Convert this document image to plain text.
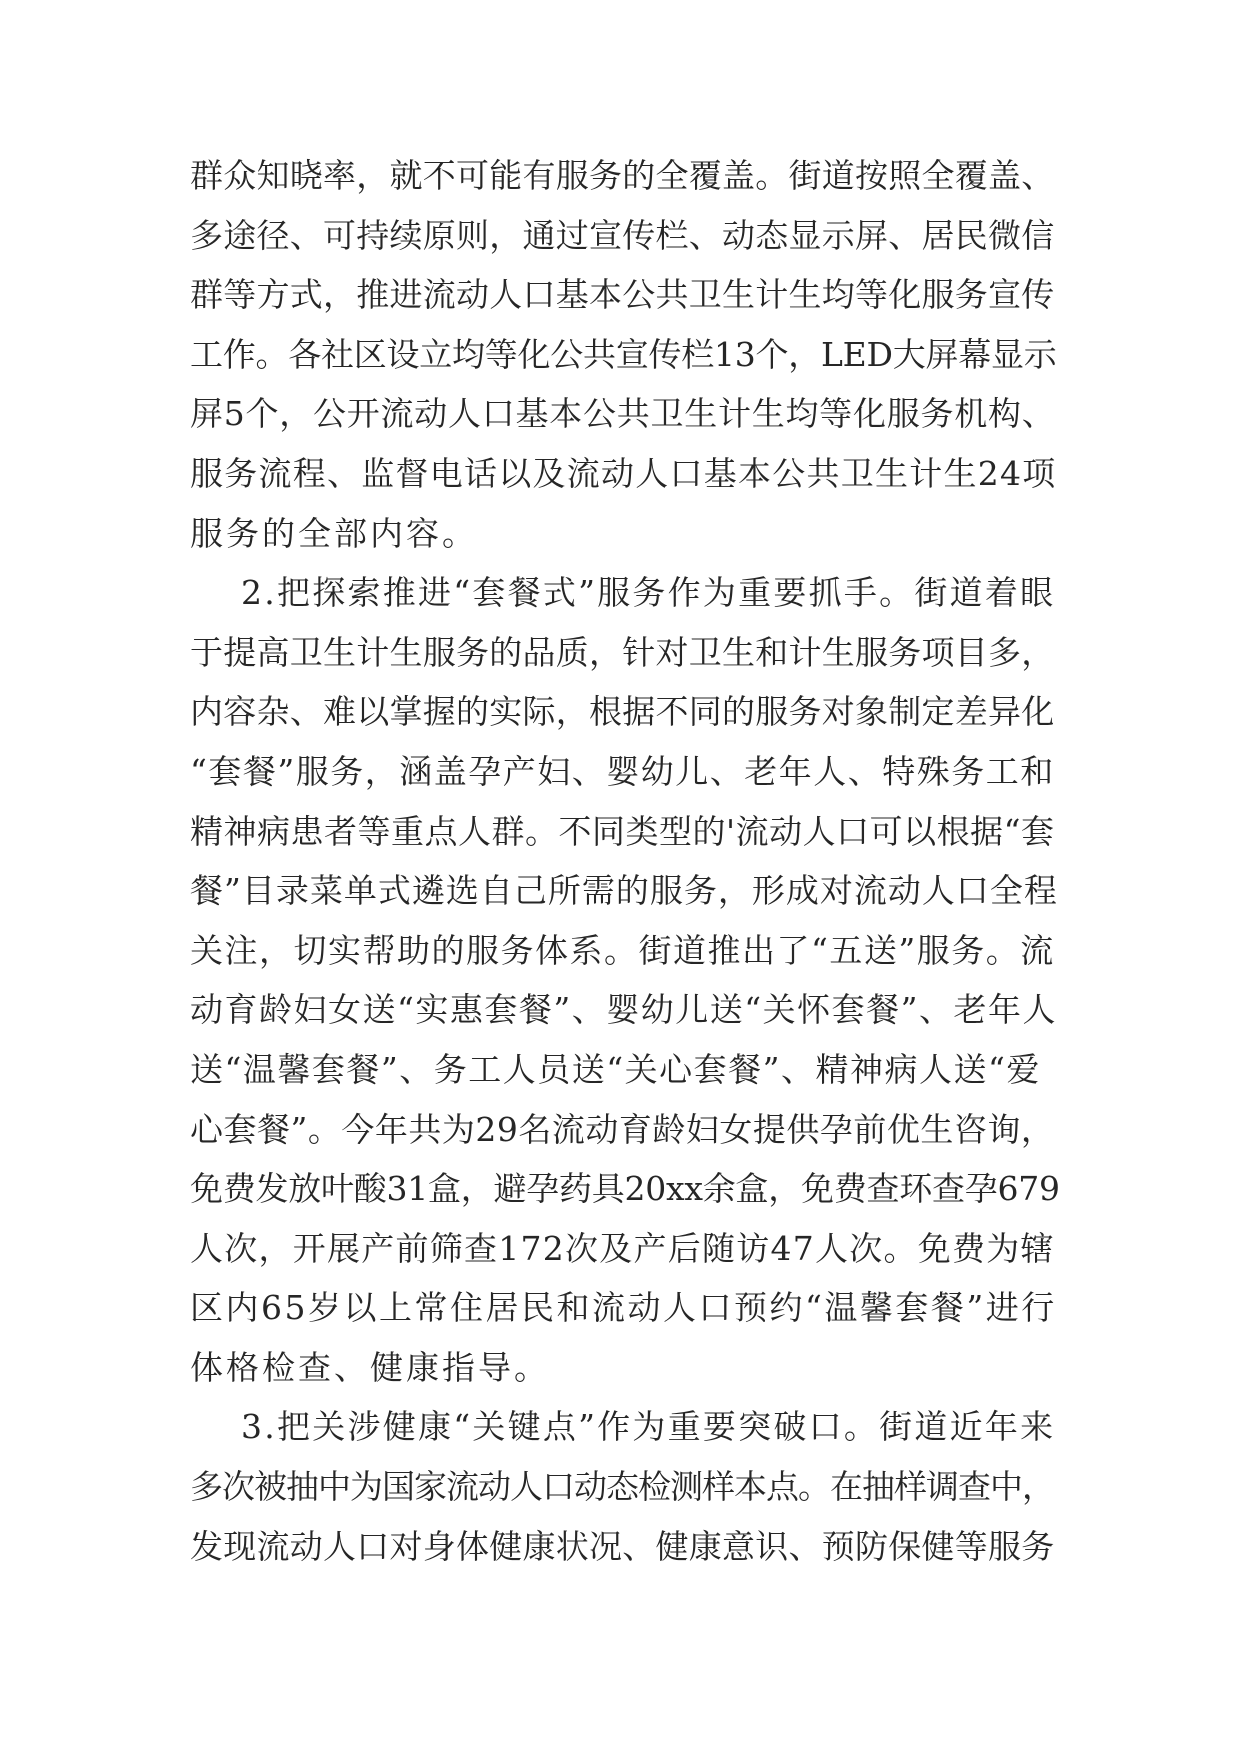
群众知晓率，就不可能有服务的全覆盖。街道按照全覆盖、
多途径、可持续原则，通过宣传栏、动态显示屏、居民微信
群等方式，推进流动人口基本公共卫生计生均等化服务宣传
工作。各社区设立均等化公共宣传栏13个，LED大屏幕显示
屏5个，公开流动人口基本公共卫生计生均等化服务机构、
服务流程、监督电话以及流动人口基本公共卫生计生24项
服务的全部内容。
2.把探索推进“套餐式”服务作为重要抓手。街道着眼
于提高卫生计生服务的品质，针对卫生和计生服务项目多，
内容杂、难以掌握的实际，根据不同的服务对象制定差异化
“套餐”服务，涵盖孕产妇、婴幼儿、老年人、特殊务工和
精神病患者等重点人群。不同类型的'流动人口可以根据“套
餐”目录菜单式遴选自己所需的服务，形成对流动人口全程
关注，切实帮助的服务体系。街道推出了“五送”服务。流
动育龄妇女送“实惠套餐”、婴幼儿送“关怀套餐”、老年人
送“温馨套餐”、务工人员送“关心套餐”、精神病人送“爱
心套餐”。今年共为29名流动育龄妇女提供孕前优生咨询，
免费发放叶酸31盒，避孕药具20xx余盒，免费查环查孕679
人次，开展产前筛查172次及产后随访47人次。免费为辖
区内65岁以上常住居民和流动人口预约“温馨套餐”进行
体格检查、健康指导。
3.把关涉健康“关键点”作为重要突破口。街道近年来
多次被抽中为国家流动人口动态检测样本点。在抽样调查中，
发现流动人口对身体健康状况、健康意识、预防保健等服务
